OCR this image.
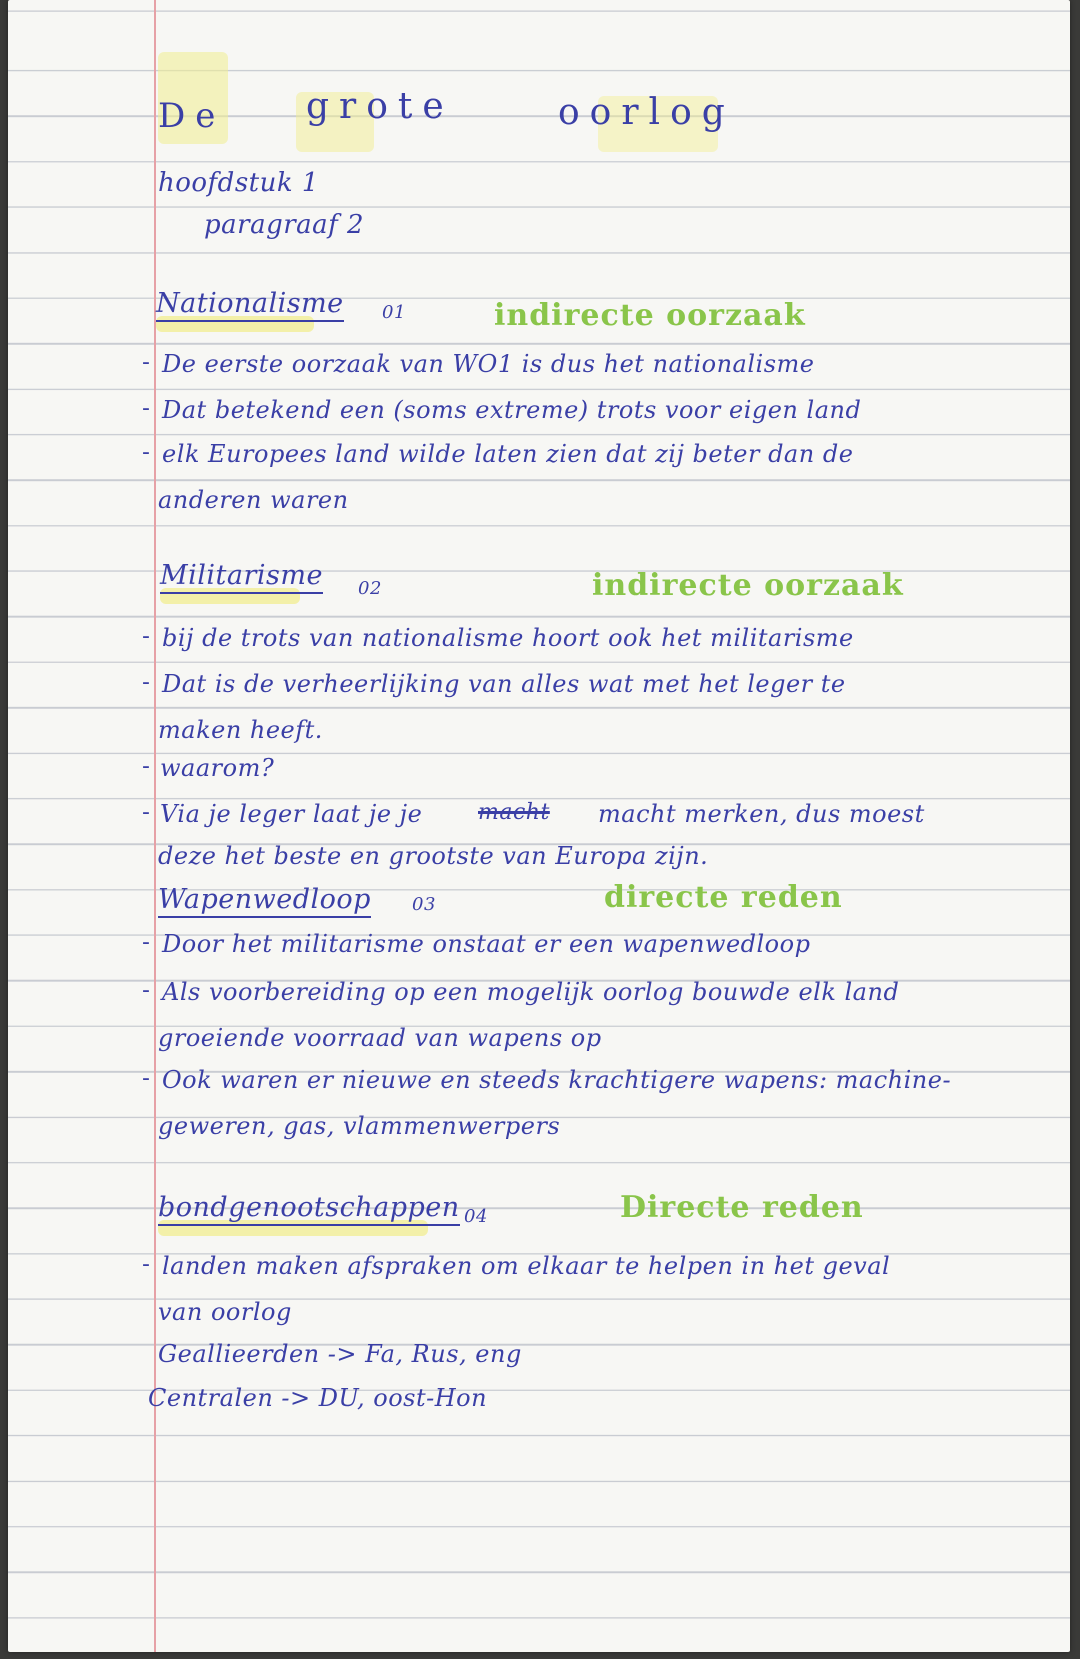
De grote	oorlog
hoofdstuk 1
paragraaf 2
Nationalisme 01	indirecte oorzaak
- De eerste oorzaak van WO1 is dus het nationalisme
- Dat betekend een (soms extreme) trots voor eigen land
- elk Europees land wilde laten zien dat zij beter dan de
anderen waren
Militarisme 02	indirecte oorzaak
- bij de trots van nationalisme hoort ook het militarisme
- Dat is de verheerlijking van alles wat met het leger te
maken heeft.
- waarom?
- Via je leger laat je je	macht macht merken, dus moest
deze het beste en grootste van Europa zijn.
Wapenwedloop 03	directe reden
- Door het militarisme onstaat er een wapenwedloop
- Als voorbereiding op een mogelijk oorlog bouwde elk land
groeiende voorraad van wapens op
- Ook waren er nieuwe en steeds krachtigere wapens: machine-
geweren, gas, vlammenwerpers
bondgenootschappen 04	Directe reden
- landen maken afspraken om elkaar te helpen in het geval
van oorlog
Geallieerden -> Fa, Rus, eng
Centralen -> DU, oost-Hon
